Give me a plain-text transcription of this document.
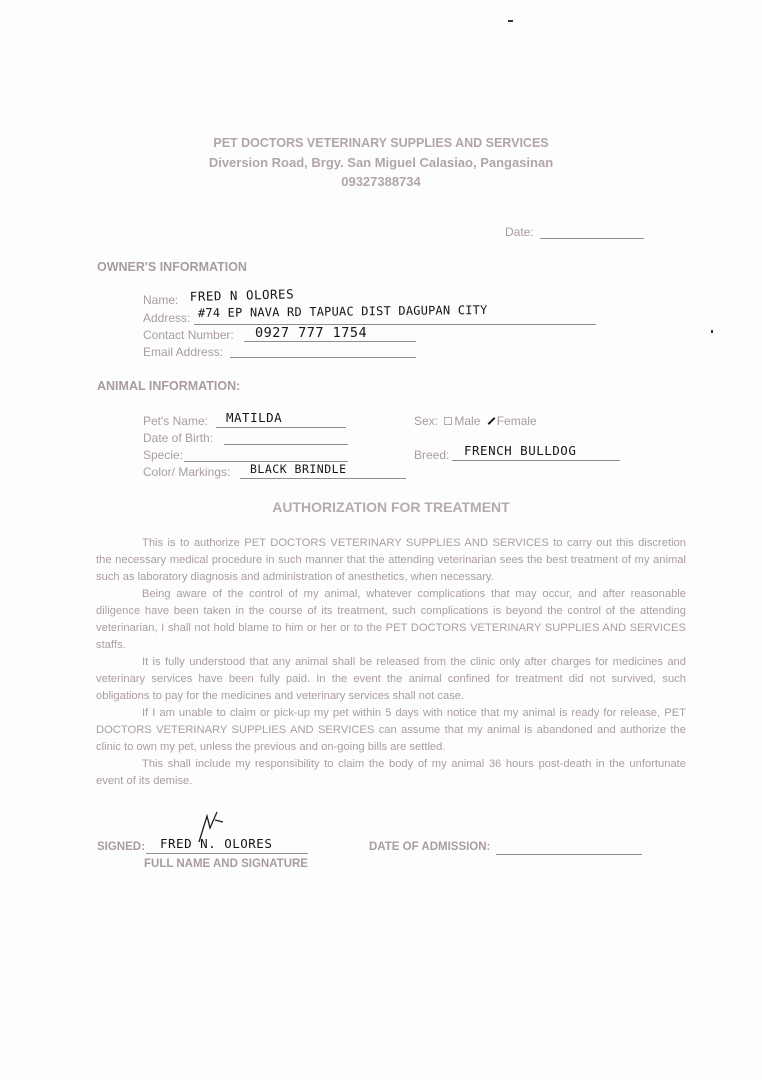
PET DOCTORS VETERINARY SUPPLIES AND SERVICES
Diversion Road, Brgy. San Miguel Calasiao, Pangasinan
09327388734
Date:
OWNER'S INFORMATION
Name: FRED N OLORES
Address: #74 EP NAVA RD TAPUAC DIST DAGUPAN CITY
Contact Number: 0927 777 1754
Email Address:
ANIMAL INFORMATION:
Pet's Name: MATILDA
Date of Birth:
Specie:
Color/ Markings: BLACK BRINDLE
Sex: Male Female
Breed: FRENCH BULLDOG
AUTHORIZATION FOR TREATMENT

This is to authorize PET DOCTORS VETERINARY SUPPLIES AND SERVICES to carry out this discretion the necessary medical procedure in such manner that the attending veterinarian sees the best treatment of my animal such as laboratory diagnosis and administration of anesthetics, when necessary.

Being aware of the control of my animal, whatever complications that may occur, and after reasonable diligence have been taken in the course of its treatment, such complications is beyond the control of the attending veterinarian, I shall not hold blame to him or her or to the PET DOCTORS VETERINARY SUPPLIES AND SERVICES staffs.

It is fully understood that any animal shall be released from the clinic only after charges for medicines and veterinary services have been fully paid. In the event the animal confined for treatment did not survived, such obligations to pay for the medicines and veterinary services shall not case.

If I am unable to claim or pick-up my pet within 5 days with notice that my animal is ready for release, PET DOCTORS VETERINARY SUPPLIES AND SERVICES can assume that my animal is abandoned and authorize the clinic to own my pet, unless the previous and on-going bills are settled.

This shall include my responsibility to claim the body of my animal 36 hours post-death in the unfortunate event of its demise.

SIGNED: FRED N. OLORES
FULL NAME AND SIGNATURE
DATE OF ADMISSION:
